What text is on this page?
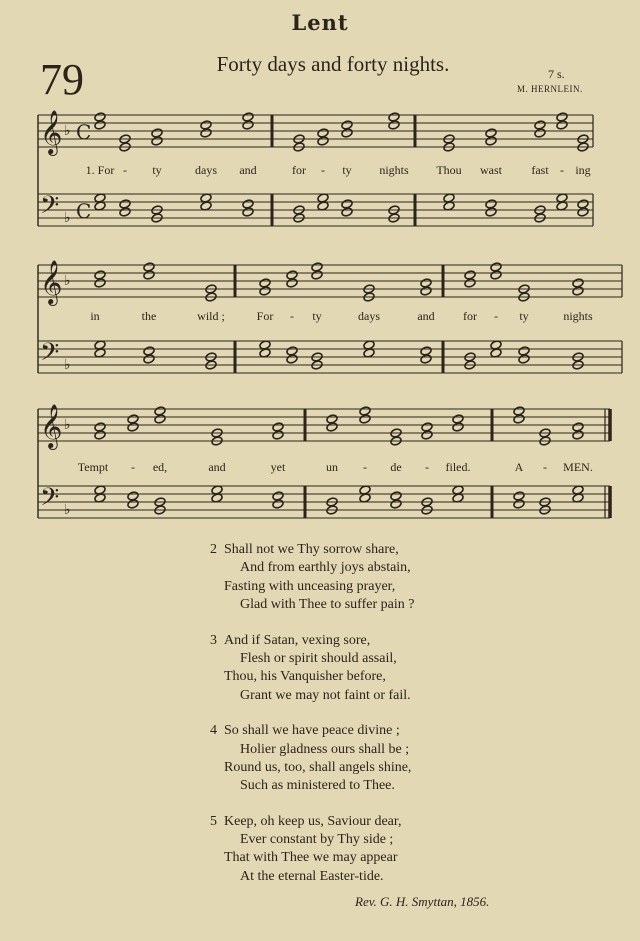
Lent
79	Forty days and forty nights.	7 s.
M. HERNLEIN.
𝄞 ♭ C
𝄢 ♭ C
𝄞 ♭
𝄢 ♭
𝄞 ♭
𝄢 ♭
1. For - ty	days and	for - ty nights Thou wast fast - ing
in	the	wild ;	For - ty	days	and for - ty	nights
Tempt - ed,	and	yet	un - de - filed.	A - MEN.
2 Shall not we Thy sorrow share,
And from earthly joys abstain,
Fasting with unceasing prayer,
Glad with Thee to suffer pain ?
3 And if Satan, vexing sore,
Flesh or spirit should assail,
Thou, his Vanquisher before,
Grant we may not faint or fail.
4 So shall we have peace divine ;
Holier gladness ours shall be ;
Round us, too, shall angels shine,
Such as ministered to Thee.
5 Keep, oh keep us, Saviour dear,
Ever constant by Thy side ;
That with Thee we may appear
At the eternal Easter-tide.
Rev. G. H. Smyttan, 1856.
